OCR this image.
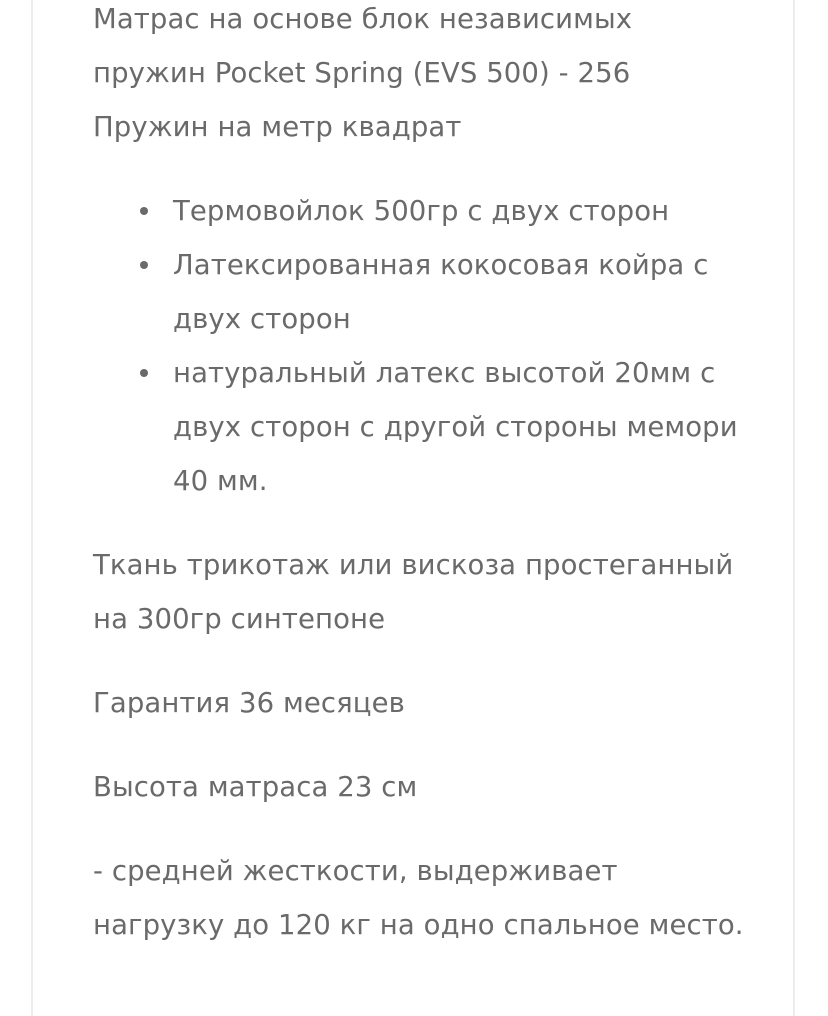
Матрас на основе блок независимых пружин Pocket Spring (EVS 500) - 256 Пружин на метр квадрат

Термовойлок 500гр с двух сторон
Латексированная кокосовая койра с двух сторон
натуральный латекс высотой 20мм с двух сторон с другой стороны мемори 40 мм.

Ткань трикотаж или вискоза простеганный на 300гр синтепоне

Гарантия 36 месяцев

Высота матраса 23 см

- средней жесткости, выдерживает нагрузку до 120 кг на одно спальное место.
